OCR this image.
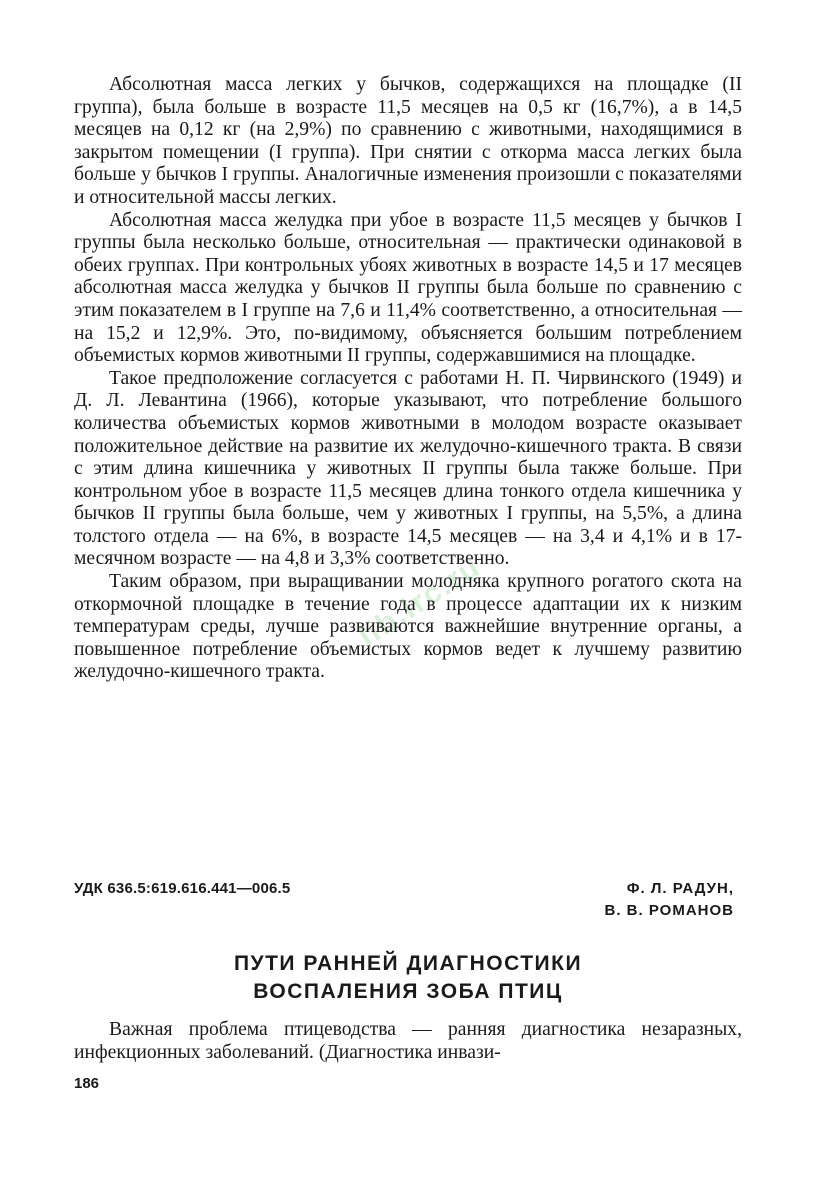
lib.lrc.ru

Абсолютная масса легких у бычков, содержащихся на площадке (II группа), была больше в возрасте 11,5 месяцев на 0,5 кг (16,7%), а в 14,5 месяцев на 0,12 кг (на 2,9%) по сравнению с животными, находящимися в закрытом помещении (I группа). При снятии с откорма масса легких была больше у бычков I группы. Аналогичные изменения произошли с показателями и относительной массы легких.

Абсолютная масса желудка при убое в возрасте 11,5 месяцев у бычков I группы была несколько больше, относительная — практически одинаковой в обеих группах. При контрольных убоях животных в возрасте 14,5 и 17 месяцев абсолютная масса желудка у бычков II группы была больше по сравнению с этим показателем в I группе на 7,6 и 11,4% соответственно, а относительная — на 15,2 и 12,9%. Это, по-видимому, объясняется большим потреблением объемистых кормов животными II группы, содержавшимися на площадке.

Такое предположение согласуется с работами Н. П. Чирвинского (1949) и Д. Л. Левантина (1966), которые указывают, что потребление большого количества объемистых кормов животными в молодом возрасте оказывает положительное действие на развитие их желудочно-кишечного тракта. В связи с этим длина кишечника у животных II группы была также больше. При контрольном убое в возрасте 11,5 месяцев длина тонкого отдела кишечника у бычков II группы была больше, чем у животных I группы, на 5,5%, а длина толстого отдела — на 6%, в возрасте 14,5 месяцев — на 3,4 и 4,1% и в 17-месячном возрасте — на 4,8 и 3,3% соответственно.

Таким образом, при выращивании молодняка крупного рогатого скота на откормочной площадке в течение года в процессе адаптации их к низким температурам среды, лучше развиваются важнейшие внутренние органы, а повышенное потребление объемистых кормов ведет к лучшему развитию желудочно-кишечного тракта.

УДК 636.5:619.616.441—006.5	Ф. Л. РАДУН,
В. В. РОМАНОВ
ПУТИ РАННЕЙ ДИАГНОСТИКИ
ВОСПАЛЕНИЯ ЗОБА ПТИЦ

Важная проблема птицеводства — ранняя диагностика незаразных, инфекционных заболеваний. (Диагностика инвази-

186
